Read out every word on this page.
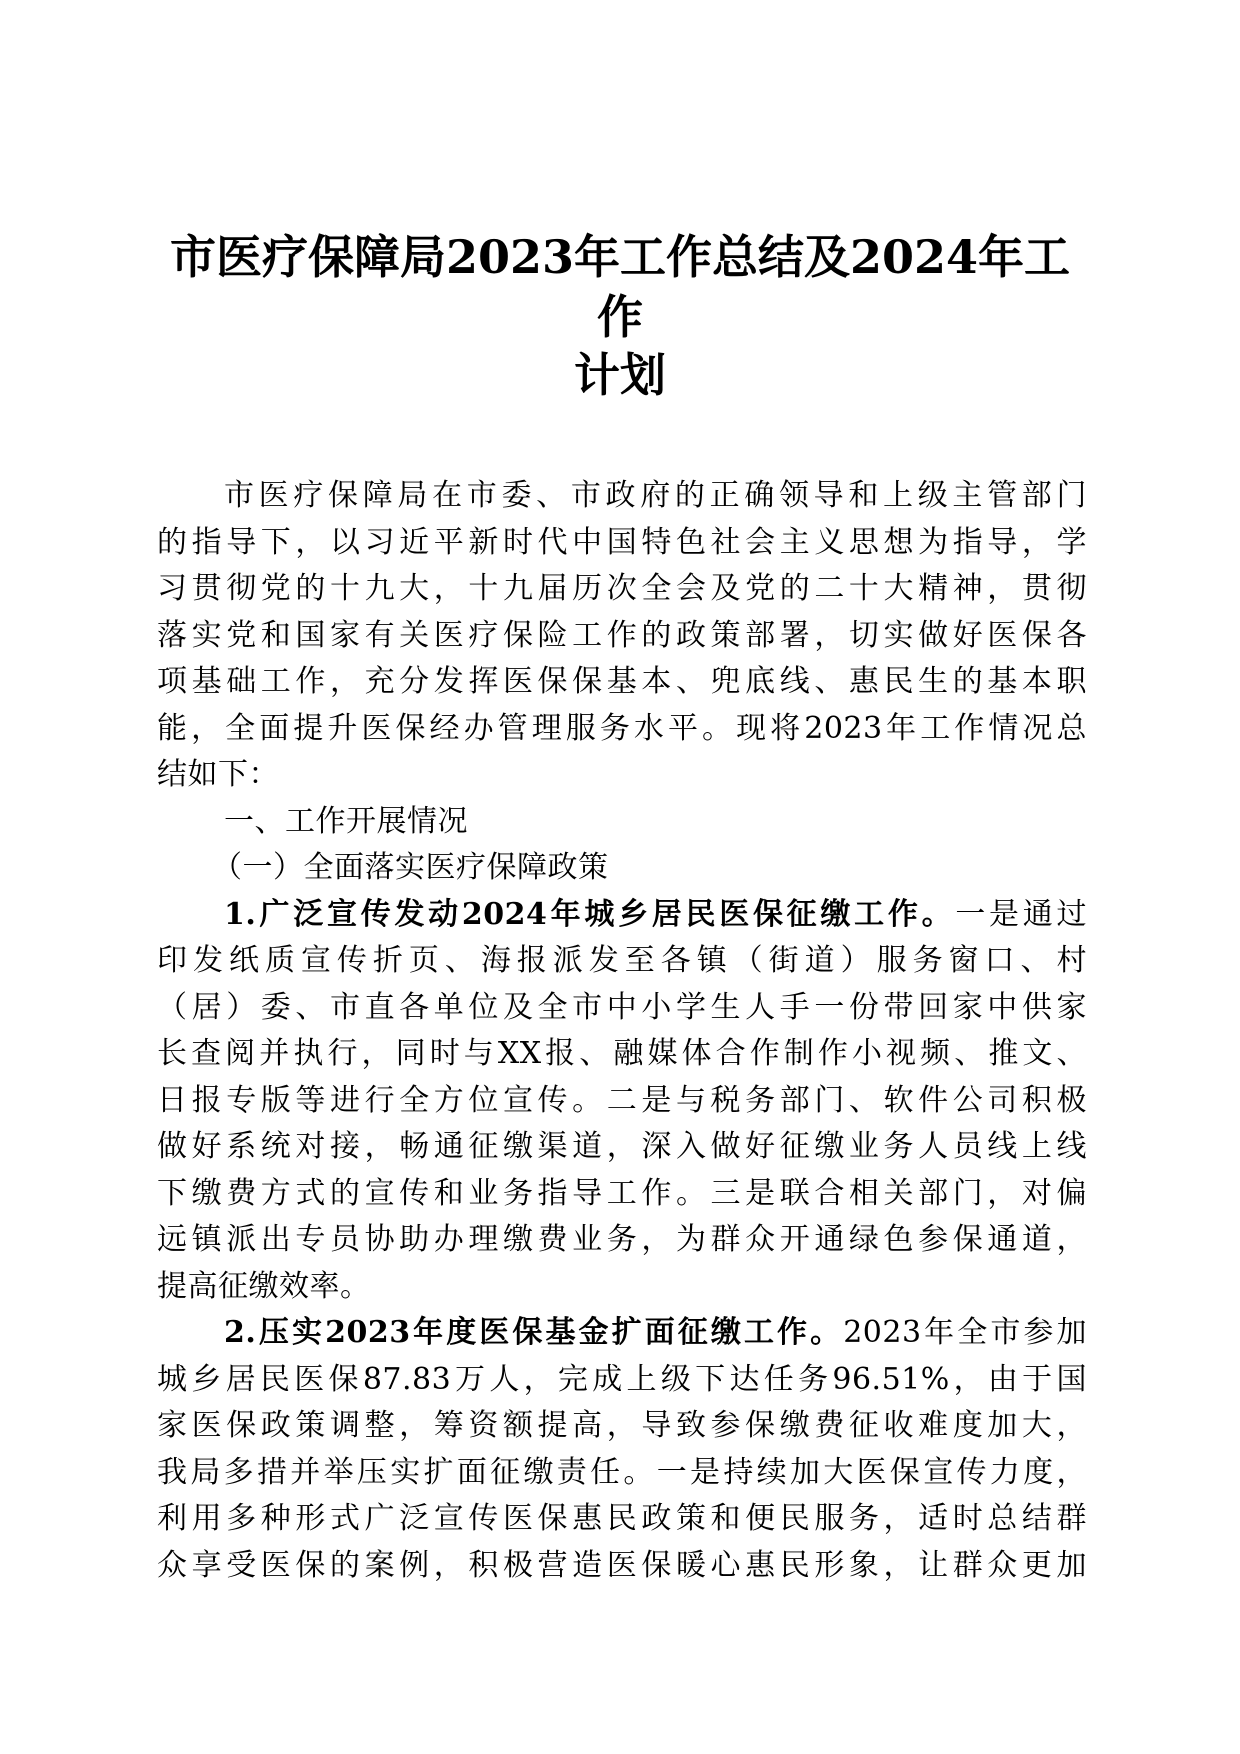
市医疗保障局2023年工作总结及2024年工作
计划
市医疗保障局在市委、市政府的正确领导和上级主管部门
的指导下，以习近平新时代中国特色社会主义思想为指导，学
习贯彻党的十九大，十九届历次全会及党的二十大精神，贯彻
落实党和国家有关医疗保险工作的政策部署，切实做好医保各
项基础工作，充分发挥医保保基本、兜底线、惠民生的基本职
能，全面提升医保经办管理服务水平。现将2023年工作情况总
结如下：
一、工作开展情况
（一）全面落实医疗保障政策
1.广泛宣传发动2024年城乡居民医保征缴工作。一是通过
印发纸质宣传折页、海报派发至各镇（街道）服务窗口、村
（居）委、市直各单位及全市中小学生人手一份带回家中供家
长查阅并执行，同时与XX报、融媒体合作制作小视频、推文、
日报专版等进行全方位宣传。二是与税务部门、软件公司积极
做好系统对接，畅通征缴渠道，深入做好征缴业务人员线上线
下缴费方式的宣传和业务指导工作。三是联合相关部门，对偏
远镇派出专员协助办理缴费业务，为群众开通绿色参保通道，
提高征缴效率。
2.压实2023年度医保基金扩面征缴工作。2023年全市参加
城乡居民医保87.83万人，完成上级下达任务96.51%，由于国
家医保政策调整，筹资额提高，导致参保缴费征收难度加大，
我局多措并举压实扩面征缴责任。一是持续加大医保宣传力度，
利用多种形式广泛宣传医保惠民政策和便民服务，适时总结群
众享受医保的案例，积极营造医保暖心惠民形象，让群众更加
